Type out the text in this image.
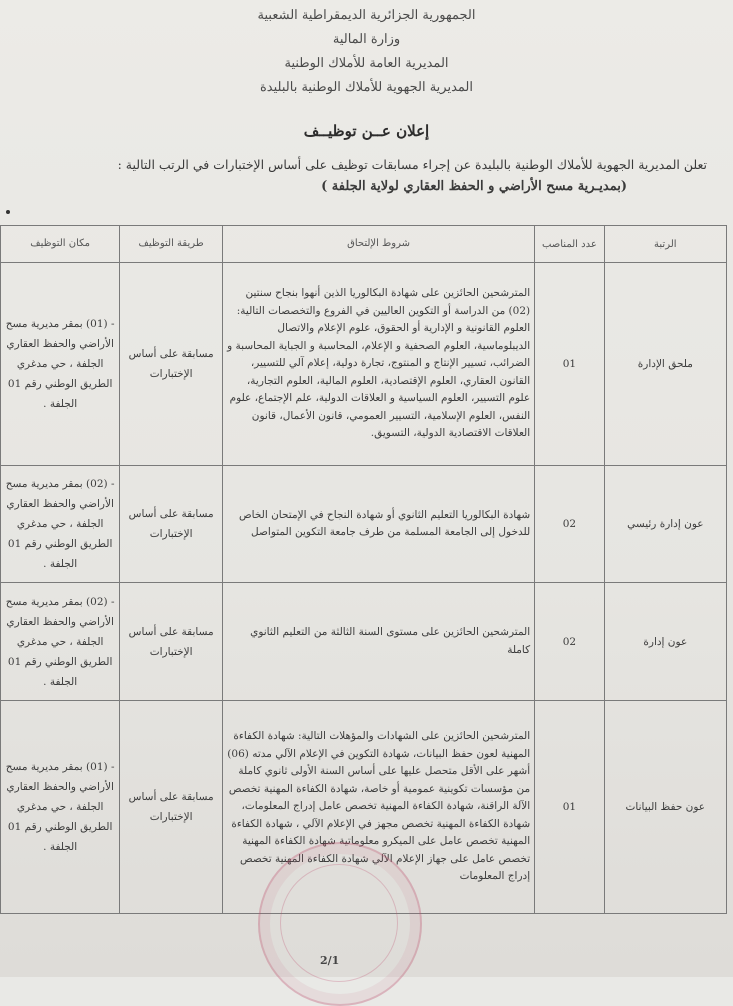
الجمهورية الجزائرية الديمقراطية الشعبية
وزارة المالية
المديرية العامة للأملاك الوطنية
المديرية الجهوية للأملاك الوطنية بالبليدة
إعلان عــن توظيــف
تعلن المديرية الجهوية للأملاك الوطنية بالبليدة عن إجراء مسابقات توظيف على أساس الإختبارات في الرتب التالية :
(بمديـرية مسح الأراضي و الحفظ العقاري لولاية الجلفة )
الرتبة	عدد المناصب	شروط الإلتحاق	طريقة التوظيف	مكان التوظيف
ملحق الإدارة	01	المترشحين الحائزين على شهادة البكالوريا الذين أنهوا بنجاح سنتين (02) من الدراسة أو التكوين العاليين في الفروع والتخصصات التالية: العلوم القانونية و الإدارية أو الحقوق، علوم الإعلام والاتصال الديبلوماسية، العلوم الصحفية و الإعلام، المحاسبة و الجباية المحاسبة و الضرائب، تسيير الإنتاج و المنتوج، تجارة دولية، إعلام آلي للتسيير، القانون العقاري، العلوم الإقتصادية، العلوم المالية، العلوم التجارية، علوم التسيير، العلوم السياسية و العلاقات الدولية، علم الإجتماع، علوم النفس، العلوم الإسلامية، التسيير العمومي، قانون الأعمال، قانون العلاقات الاقتصادية الدولية، التسويق.	مسابقة على أساس الإختبارات	- (01) بمقر مديرية مسح الأراضي والحفظ العقاري الجلفة ، حي مدغري الطريق الوطني رقم 01 الجلفة .
عون إدارة رئيسي	02	شهادة البكالوريا التعليم الثانوي أو شهادة النجاح في الإمتحان الخاص للدخول إلى الجامعة المسلمة من طرف جامعة التكوين المتواصل	مسابقة على أساس الإختبارات	- (02) بمقر مديرية مسح الأراضي والحفظ العقاري الجلفة ، حي مدغري الطريق الوطني رقم 01 الجلفة .
عون إدارة	02	المترشحين الحائزين على مستوى السنة الثالثة من التعليم الثانوي كاملة	مسابقة على أساس الإختبارات	- (02) بمقر مديرية مسح الأراضي والحفظ العقاري الجلفة ، حي مدغري الطريق الوطني رقم 01 الجلفة .
عون حفظ البيانات	01	المترشحين الحائزين على الشهادات والمؤهلات التالية: شهادة الكفاءة المهنية لعون حفظ البيانات، شهادة التكوين في الإعلام الآلي مدته (06) أشهر على الأقل متحصل عليها على أساس السنة الأولى ثانوي كاملة من مؤسسات تكوينية عمومية أو خاصة، شهادة الكفاءة المهنية تخصص الآلة الراقنة، شهادة الكفاءة المهنية تخصص عامل إدراج المعلومات، شهادة الكفاءة المهنية تخصص مجهز في الإعلام الآلي ، شهادة الكفاءة المهنية تخصص عامل على الميكرو معلوماتية شهادة الكفاءة المهنية تخصص عامل على جهاز الإعلام الآلي شهادة الكفاءة المهنية تخصص إدراج المعلومات	مسابقة على أساس الإختبارات	- (01) بمقر مديرية مسح الأراضي والحفظ العقاري الجلفة ، حي مدغري الطريق الوطني رقم 01 الجلفة .
2/1
